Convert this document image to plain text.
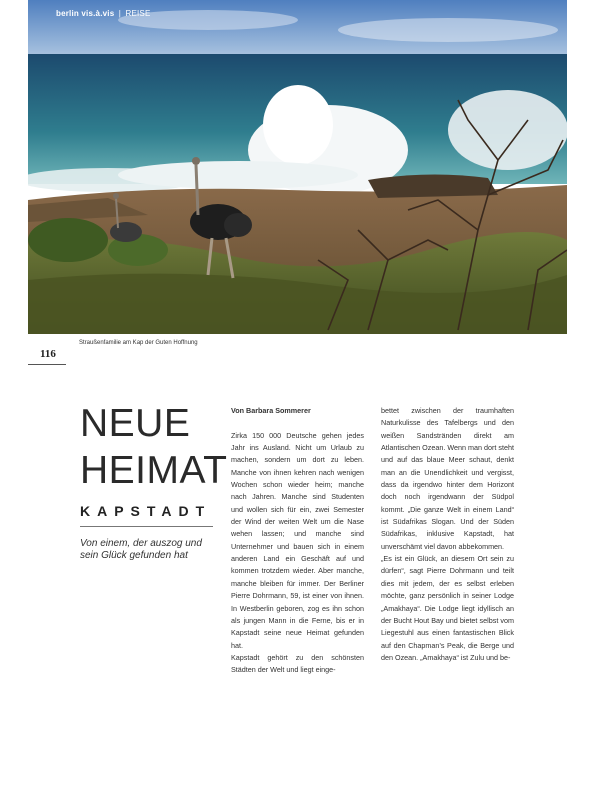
berlin vis.à.vis | REISE
Straußenfamilie am Kap der Guten Hoffnung
116
NEUE
HEIMAT
KAPSTADT
Von einem, der auszog und sein Glück gefunden hat

Von Barbara Sommerer

Zirka 150 000 Deutsche gehen jedes Jahr ins Ausland. Nicht um Urlaub zu machen, sondern um dort zu leben. Manche von ihnen kehren nach wenigen Wochen schon wieder heim; manche nach Jahren. Manche sind Studenten und wollen sich für ein, zwei Semester der Wind der weiten Welt um die Nase wehen lassen; und manche sind Unternehmer und bauen sich in einem anderen Land ein Geschäft auf und kommen trotzdem wieder. Aber manche, manche bleiben für immer. Der Berliner Pierre Dohrmann, 59, ist einer von ihnen. In Westberlin geboren, zog es ihn schon als jungen Mann in die Ferne, bis er in Kapstadt seine neue Heimat gefunden hat.

Kapstadt gehört zu den schönsten Städten der Welt und liegt einge-

bettet zwischen der traumhaften Naturkulisse des Tafelbergs und den weißen Sandstränden direkt am Atlantischen Ozean. Wenn man dort steht und auf das blaue Meer schaut, denkt man an die Unendlichkeit und vergisst, dass da irgendwo hinter dem Horizont doch noch irgendwann der Südpol kommt. „Die ganze Welt in einem Land“ ist Südafrikas Slogan. Und der Süden Südafrikas, inklusive Kapstadt, hat unverschämt viel davon abbekommen.

„Es ist ein Glück, an diesem Ort sein zu dürfen“, sagt Pierre Dohrmann und teilt dies mit jedem, der es selbst erleben möchte, ganz persönlich in seiner Lodge „Amakhaya“. Die Lodge liegt idyllisch an der Bucht Hout Bay und bietet selbst vom Liegestuhl aus einen fantastischen Blick auf den Chapman’s Peak, die Berge und den Ozean. „Amakhaya“ ist Zulu und be-
